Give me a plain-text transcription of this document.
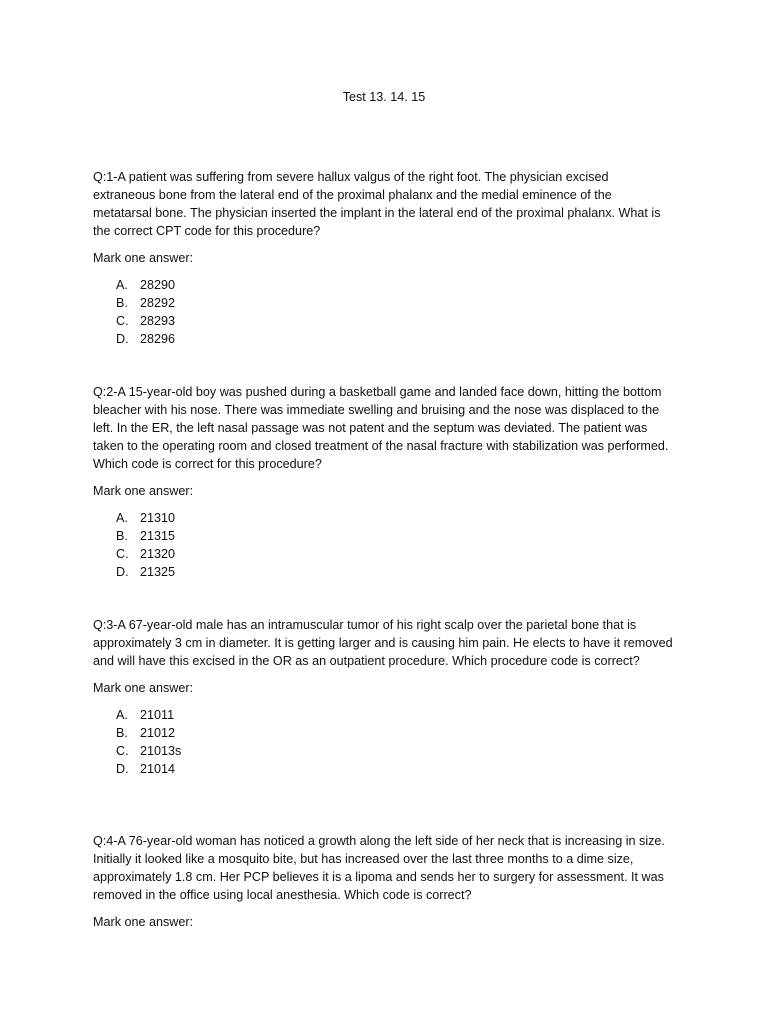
Test 13. 14. 15

Q:1-A patient was suffering from severe hallux valgus of the right foot. The physician excised extraneous bone from the lateral end of the proximal phalanx and the medial eminence of the metatarsal bone. The physician inserted the implant in the lateral end of the proximal phalanx. What is the correct CPT code for this procedure?

Mark one answer:

A. 28290
B. 28292
C. 28293
D. 28296

Q:2-A 15-year-old boy was pushed during a basketball game and landed face down, hitting the bottom bleacher with his nose. There was immediate swelling and bruising and the nose was displaced to the left. In the ER, the left nasal passage was not patent and the septum was deviated. The patient was taken to the operating room and closed treatment of the nasal fracture with stabilization was performed. Which code is correct for this procedure?

Mark one answer:

A. 21310
B. 21315
C. 21320
D. 21325

Q:3-A 67-year-old male has an intramuscular tumor of his right scalp over the parietal bone that is approximately 3 cm in diameter. It is getting larger and is causing him pain. He elects to have it removed and will have this excised in the OR as an outpatient procedure. Which procedure code is correct?

Mark one answer:

A. 21011
B. 21012
C. 21013s
D. 21014

Q:4-A 76-year-old woman has noticed a growth along the left side of her neck that is increasing in size. Initially it looked like a mosquito bite, but has increased over the last three months to a dime size, approximately 1.8 cm. Her PCP believes it is a lipoma and sends her to surgery for assessment. It was removed in the office using local anesthesia. Which code is correct?

Mark one answer:
